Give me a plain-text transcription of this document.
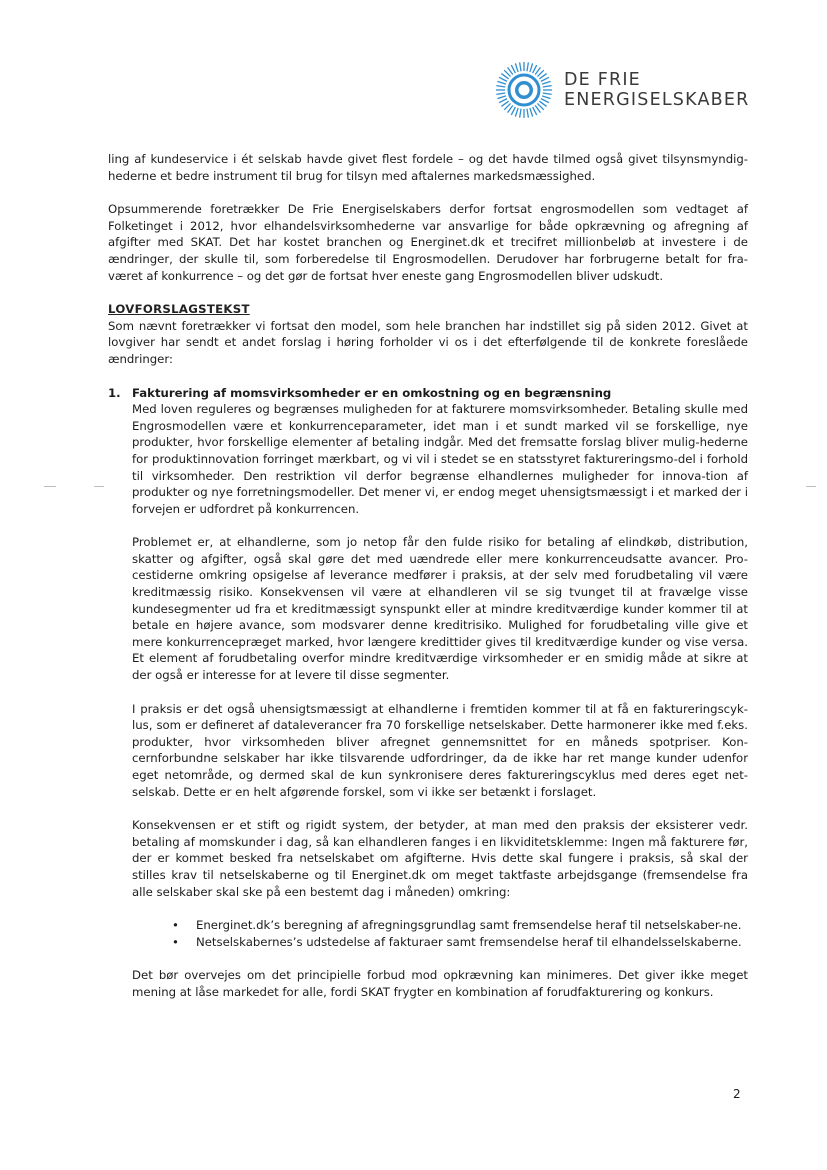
DE FRIE
ENERGISELSKABER

ling af kundeservice i ét selskab havde givet flest fordele – og det havde tilmed også givet tilsynsmyndig-hederne et bedre instrument til brug for tilsyn med aftalernes markedsmæssighed.

Opsummerende foretrækker De Frie Energiselskabers derfor fortsat engrosmodellen som vedtaget af Folketinget i 2012, hvor elhandelsvirksomhederne var ansvarlige for både opkrævning og afregning af afgifter med SKAT. Det har kostet branchen og Energinet.dk et trecifret millionbeløb at investere i de ændringer, der skulle til, som forberedelse til Engrosmodellen. Derudover har forbrugerne betalt for fra-været af konkurrence – og det gør de fortsat hver eneste gang Engrosmodellen bliver udskudt.

LOVFORSLAGSTEKST

Som nævnt foretrækker vi fortsat den model, som hele branchen har indstillet sig på siden 2012. Givet at lovgiver har sendt et andet forslag i høring forholder vi os i det efterfølgende til de konkrete foreslåede ændringer:

1. Fakturering af momsvirksomheder er en omkostning og en begrænsning

Med loven reguleres og begrænses muligheden for at fakturere momsvirksomheder. Betaling skulle med Engrosmodellen være et konkurrenceparameter, idet man i et sundt marked vil se forskellige, nye produkter, hvor forskellige elementer af betaling indgår. Med det fremsatte forslag bliver mulig-hederne for produktinnovation forringet mærkbart, og vi vil i stedet se en statsstyret faktureringsmo-del i forhold til virksomheder. Den restriktion vil derfor begrænse elhandlernes muligheder for innova-tion af produkter og nye forretningsmodeller. Det mener vi, er endog meget uhensigtsmæssigt i et marked der i forvejen er udfordret på konkurrencen.

Problemet er, at elhandlerne, som jo netop får den fulde risiko for betaling af elindkøb, distribution, skatter og afgifter, også skal gøre det med uændrede eller mere konkurrenceudsatte avancer. Pro-cestiderne omkring opsigelse af leverance medfører i praksis, at der selv med forudbetaling vil være kreditmæssig risiko. Konsekvensen vil være at elhandleren vil se sig tvunget til at fravælge visse kundesegmenter ud fra et kreditmæssigt synspunkt eller at mindre kreditværdige kunder kommer til at betale en højere avance, som modsvarer denne kreditrisiko. Mulighed for forudbetaling ville give et mere konkurrencepræget marked, hvor længere kredittider gives til kreditværdige kunder og vise versa. Et element af forudbetaling overfor mindre kreditværdige virksomheder er en smidig måde at sikre at der også er interesse for at levere til disse segmenter.

I praksis er det også uhensigtsmæssigt at elhandlerne i fremtiden kommer til at få en faktureringscyk-lus, som er defineret af dataleverancer fra 70 forskellige netselskaber. Dette harmonerer ikke med f.eks. produkter, hvor virksomheden bliver afregnet gennemsnittet for en måneds spotpriser. Kon-cernforbundne selskaber har ikke tilsvarende udfordringer, da de ikke har ret mange kunder udenfor eget netområde, og dermed skal de kun synkronisere deres faktureringscyklus med deres eget net-selskab. Dette er en helt afgørende forskel, som vi ikke ser betænkt i forslaget.

Konsekvensen er et stift og rigidt system, der betyder, at man med den praksis der eksisterer vedr. betaling af momskunder i dag, så kan elhandleren fanges i en likviditetsklemme: Ingen må fakturere før, der er kommet besked fra netselskabet om afgifterne. Hvis dette skal fungere i praksis, så skal der stilles krav til netselskaberne og til Energinet.dk om meget taktfaste arbejdsgange (fremsendelse fra alle selskaber skal ske på een bestemt dag i måneden) omkring:

• Energinet.dk’s beregning af afregningsgrundlag samt fremsendelse heraf til netselskaber-ne.
• Netselskabernes’s udstedelse af fakturaer samt fremsendelse heraf til elhandelsselskaberne.

Det bør overvejes om det principielle forbud mod opkrævning kan minimeres. Det giver ikke meget mening at låse markedet for alle, fordi SKAT frygter en kombination af forudfakturering og konkurs.

2
